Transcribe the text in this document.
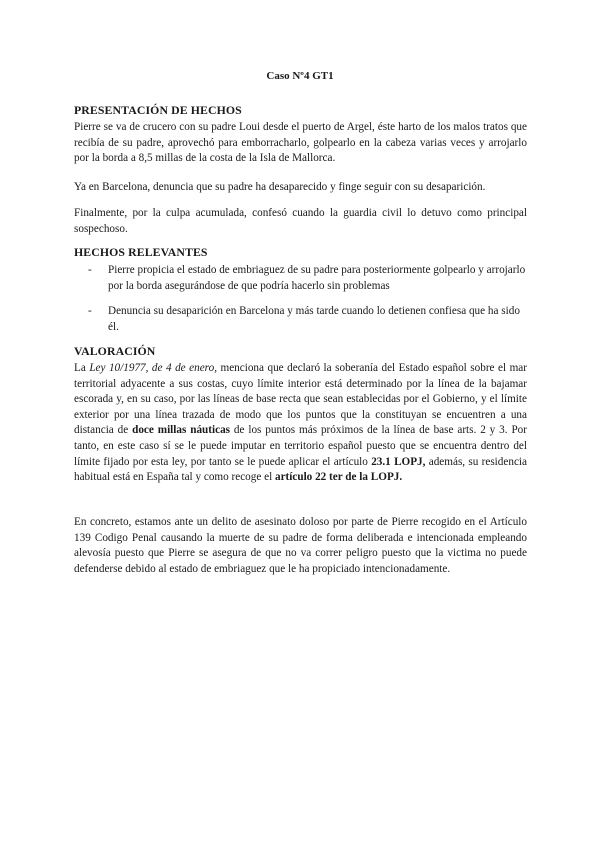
Caso Nº4 GT1
PRESENTACIÓN DE HECHOS
Pierre se va de crucero con su padre Loui desde el puerto de Argel, éste harto de los malos tratos que recibía de su padre, aprovechó para emborracharlo, golpearlo en la cabeza varias veces y arrojarlo por la borda a 8,5 millas de la costa de la Isla de Mallorca.
Ya en Barcelona, denuncia que su padre ha desaparecido y finge seguir con su desaparición.
Finalmente, por la culpa acumulada, confesó cuando la guardia civil lo detuvo como principal sospechoso.
HECHOS RELEVANTES
- Pierre propicia el estado de embriaguez de su padre para posteriormente golpearlo y arrojarlo por la borda asegurándose de que podría hacerlo sin problemas
- Denuncia su desaparición en Barcelona y más tarde cuando lo detienen confiesa que ha sido él.
VALORACIÓN
La Ley 10/1977, de 4 de enero, menciona que declaró la soberanía del Estado español sobre el mar territorial adyacente a sus costas, cuyo límite interior está determinado por la línea de la bajamar escorada y, en su caso, por las líneas de base recta que sean establecidas por el Gobierno, y el límite exterior por una línea trazada de modo que los puntos que la constituyan se encuentren a una distancia de doce millas náuticas de los puntos más próximos de la línea de base arts. 2 y 3. Por tanto, en este caso sí se le puede imputar en territorio español puesto que se encuentra dentro del límite fijado por esta ley, por tanto se le puede aplicar el artículo 23.1 LOPJ, además, su residencia habitual está en España tal y como recoge el artículo 22 ter de la LOPJ.
En concreto, estamos ante un delito de asesinato doloso por parte de Pierre recogido en el Artículo 139 Codigo Penal causando la muerte de su padre de forma deliberada e intencionada empleando alevosía puesto que Pierre se asegura de que no va correr peligro puesto que la victima no puede defenderse debido al estado de embriaguez que le ha propiciado intencionadamente.
